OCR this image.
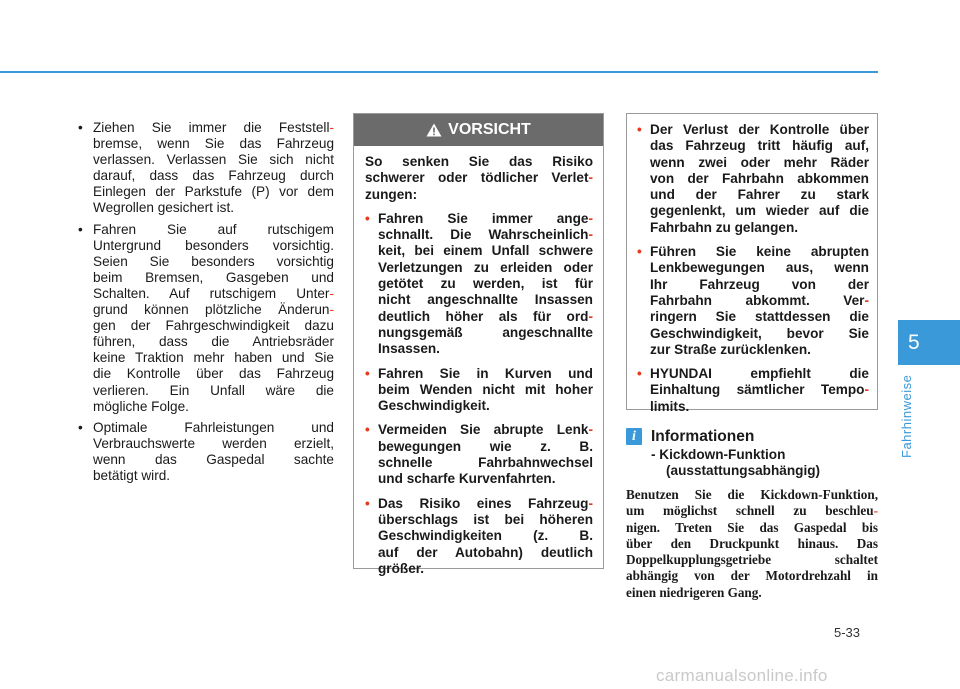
• Ziehen Sie immer die Feststell-
bremse, wenn Sie das Fahrzeug
verlassen. Verlassen Sie sich nicht
darauf, dass das Fahrzeug durch
Einlegen der Parkstufe (P) vor dem
Wegrollen gesichert ist.
• Fahren Sie auf rutschigem
Untergrund besonders vorsichtig.
Seien Sie besonders vorsichtig
beim Bremsen, Gasgeben und
Schalten. Auf rutschigem Unter-
grund können plötzliche Änderun-
gen der Fahrgeschwindigkeit dazu
führen, dass die Antriebsräder
keine Traktion mehr haben und Sie
die Kontrolle über das Fahrzeug
verlieren. Ein Unfall wäre die
mögliche Folge.
• Optimale Fahrleistungen und
Verbrauchswerte werden erzielt,
wenn das Gaspedal sachte
betätigt wird.
VORSICHT
So senken Sie das Risiko
schwerer oder tödlicher Verlet-
zungen:
• Fahren Sie immer ange-
schnallt. Die Wahrscheinlich-
keit, bei einem Unfall schwere
Verletzungen zu erleiden oder
getötet zu werden, ist für
nicht angeschnallte Insassen
deutlich höher als für ord-
nungsgemäß angeschnallte
Insassen.
• Fahren Sie in Kurven und
beim Wenden nicht mit hoher
Geschwindigkeit.
• Vermeiden Sie abrupte Lenk-
bewegungen wie z. B.
schnelle Fahrbahnwechsel
und scharfe Kurvenfahrten.
• Das Risiko eines Fahrzeug-
überschlags ist bei höheren
Geschwindigkeiten (z. B.
auf der Autobahn) deutlich
größer.
• Der Verlust der Kontrolle über
das Fahrzeug tritt häufig auf,
wenn zwei oder mehr Räder
von der Fahrbahn abkommen
und der Fahrer zu stark
gegenlenkt, um wieder auf die
Fahrbahn zu gelangen.
• Führen Sie keine abrupten
Lenkbewegungen aus, wenn
Ihr Fahrzeug von der
Fahrbahn abkommt. Ver-
ringern Sie stattdessen die
Geschwindigkeit, bevor Sie
zur Straße zurücklenken.
• HYUNDAI empfiehlt die
Einhaltung sämtlicher Tempo-
limits.
i Informationen
- Kickdown-Funktion
(ausstattungsabhängig)
Benutzen Sie die Kickdown-Funktion,
um möglichst schnell zu beschleu-
nigen. Treten Sie das Gaspedal bis
über den Druckpunkt hinaus. Das
Doppelkupplungsgetriebe schaltet
abhängig von der Motordrehzahl in
einen niedrigeren Gang.
5
Fahrhinweise
5-33
carmanualsonline.info
